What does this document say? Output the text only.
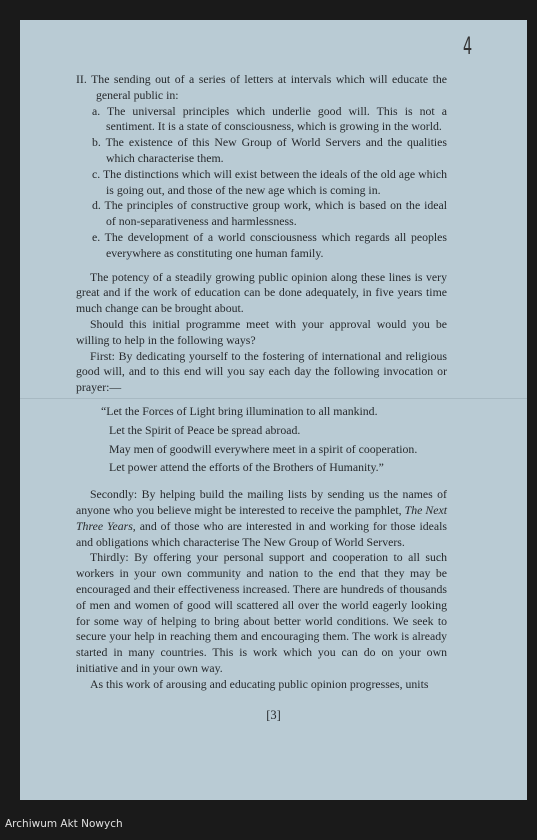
4

II. The sending out of a series of letters at intervals which will educate the general public in:

a. The universal principles which underlie good will. This is not a sentiment. It is a state of consciousness, which is growing in the world.

b. The existence of this New Group of World Servers and the qualities which characterise them.

c. The distinctions which will exist between the ideals of the old age which is going out, and those of the new age which is coming in.

d. The principles of constructive group work, which is based on the ideal of non-separativeness and harmlessness.

e. The development of a world consciousness which regards all peoples everywhere as constituting one human family.

The potency of a steadily growing public opinion along these lines is very great and if the work of education can be done adequately, in five years time much change can be brought about.

Should this initial programme meet with your approval would you be willing to help in the following ways?

First: By dedicating yourself to the fostering of international and religious good will, and to this end will you say each day the following invocation or prayer:—

“Let the Forces of Light bring illumination to all mankind.

Let the Spirit of Peace be spread abroad.

May men of goodwill everywhere meet in a spirit of cooperation.

Let power attend the efforts of the Brothers of Humanity.”

Secondly: By helping build the mailing lists by sending us the names of anyone who you believe might be interested to receive the pamphlet, The Next Three Years, and of those who are interested in and working for those ideals and obligations which characterise The New Group of World Servers.

Thirdly: By offering your personal support and cooperation to all such workers in your own community and nation to the end that they may be encouraged and their effectiveness increased. There are hundreds of thousands of men and women of good will scattered all over the world eagerly looking for some way of helping to bring about better world conditions. We seek to secure your help in reaching them and encouraging them. The work is already started in many countries. This is work which you can do on your own initiative and in your own way.

As this work of arousing and educating public opinion progresses, units

[3]
Archiwum Akt Nowych
